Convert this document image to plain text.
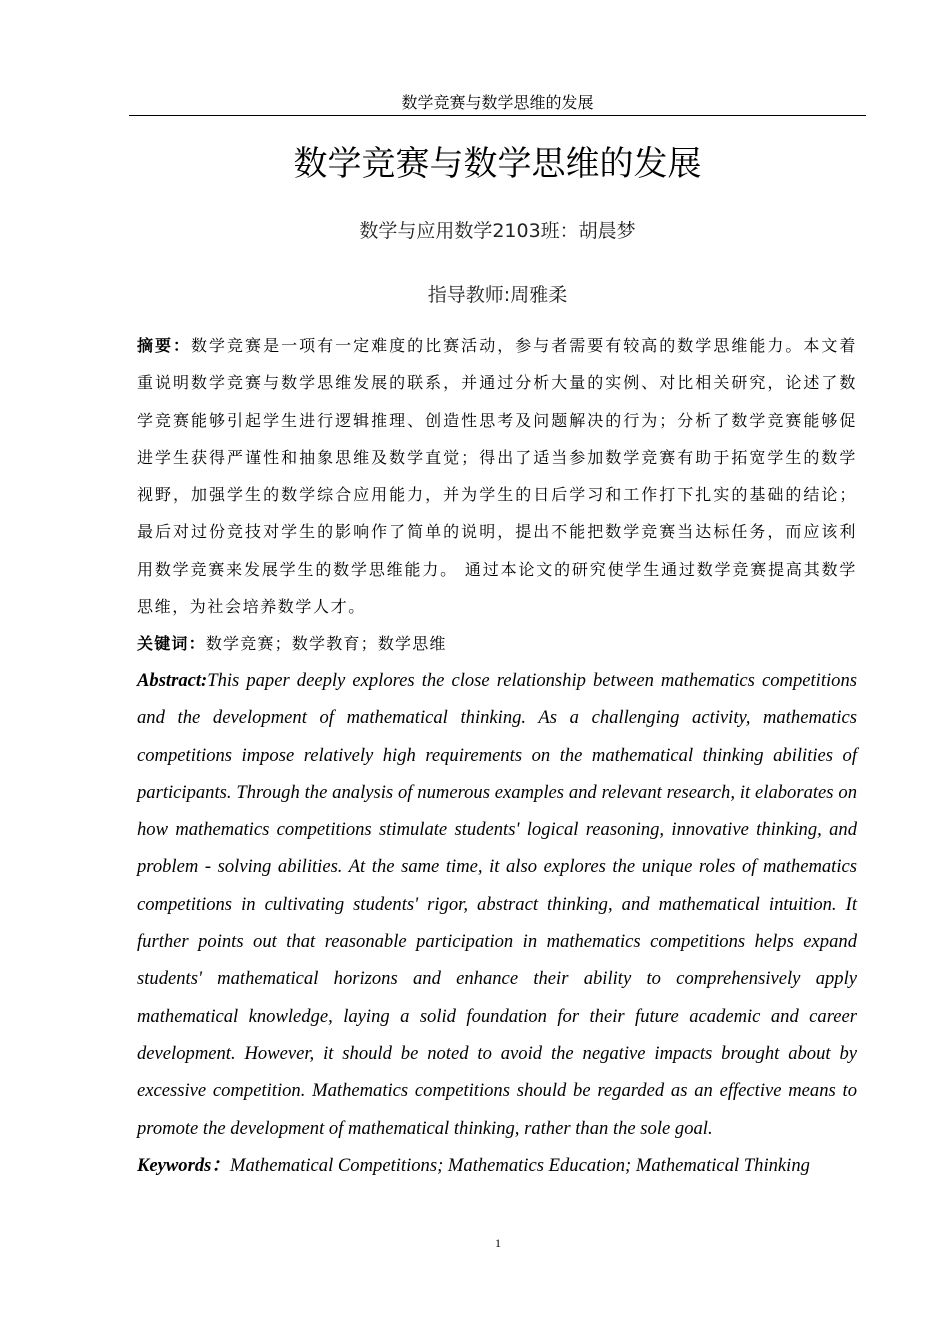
数学竞赛与数学思维的发展
数学竞赛与数学思维的发展
数学与应用数学2103班：胡晨梦
指导教师:周雅柔

摘要：数学竞赛是一项有一定难度的比赛活动，参与者需要有较高的数学思维能力。本文着重说明数学竞赛与数学思维发展的联系，并通过分析大量的实例、对比相关研究，论述了数学竞赛能够引起学生进行逻辑推理、创造性思考及问题解决的行为；分析了数学竞赛能够促进学生获得严谨性和抽象思维及数学直觉；得出了适当参加数学竞赛有助于拓宽学生的数学视野，加强学生的数学综合应用能力，并为学生的日后学习和工作打下扎实的基础的结论；最后对过份竞技对学生的影响作了简单的说明，提出不能把数学竞赛当达标任务，而应该利用数学竞赛来发展学生的数学思维能力。 通过本论文的研究使学生通过数学竞赛提高其数学思维，为社会培养数学人才。

关键词：数学竞赛；数学教育；数学思维

Abstract:This paper deeply explores the close relationship between mathematics competitions and the development of mathematical thinking. As a challenging activity, mathematics competitions impose relatively high requirements on the mathematical thinking abilities of participants. Through the analysis of numerous examples and relevant research, it elaborates on how mathematics competitions stimulate students' logical reasoning, innovative thinking, and problem - solving abilities. At the same time, it also explores the unique roles of mathematics competitions in cultivating students' rigor, abstract thinking, and mathematical intuition. It further points out that reasonable participation in mathematics competitions helps expand students' mathematical horizons and enhance their ability to comprehensively apply mathematical knowledge, laying a solid foundation for their future academic and career development. However, it should be noted to avoid the negative impacts brought about by excessive competition. Mathematics competitions should be regarded as an effective means to promote the development of mathematical thinking, rather than the sole goal.

Keywords：Mathematical Competitions; Mathematics Education; Mathematical Thinking

1
